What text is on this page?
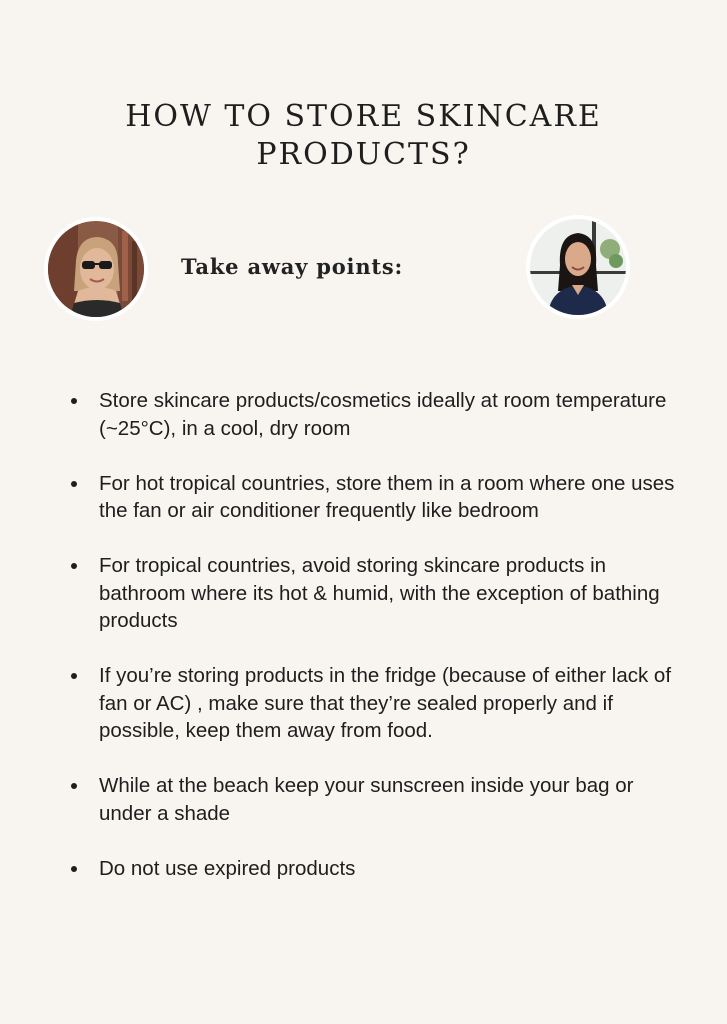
HOW TO STORE SKINCARE
PRODUCTS?
Take away points:
Store skincare products/cosmetics ideally at room temperature (~25°C), in a cool, dry room
For hot tropical countries, store them in a room where one uses the fan or air conditioner frequently like bedroom
For tropical countries, avoid storing skincare products in bathroom where its hot & humid, with the exception of bathing products
If you’re storing products in the fridge (because of either lack of fan or AC) , make sure that they’re sealed properly and if possible, keep them away from food.
While at the beach keep your sunscreen inside your bag or under a shade
Do not use expired products
